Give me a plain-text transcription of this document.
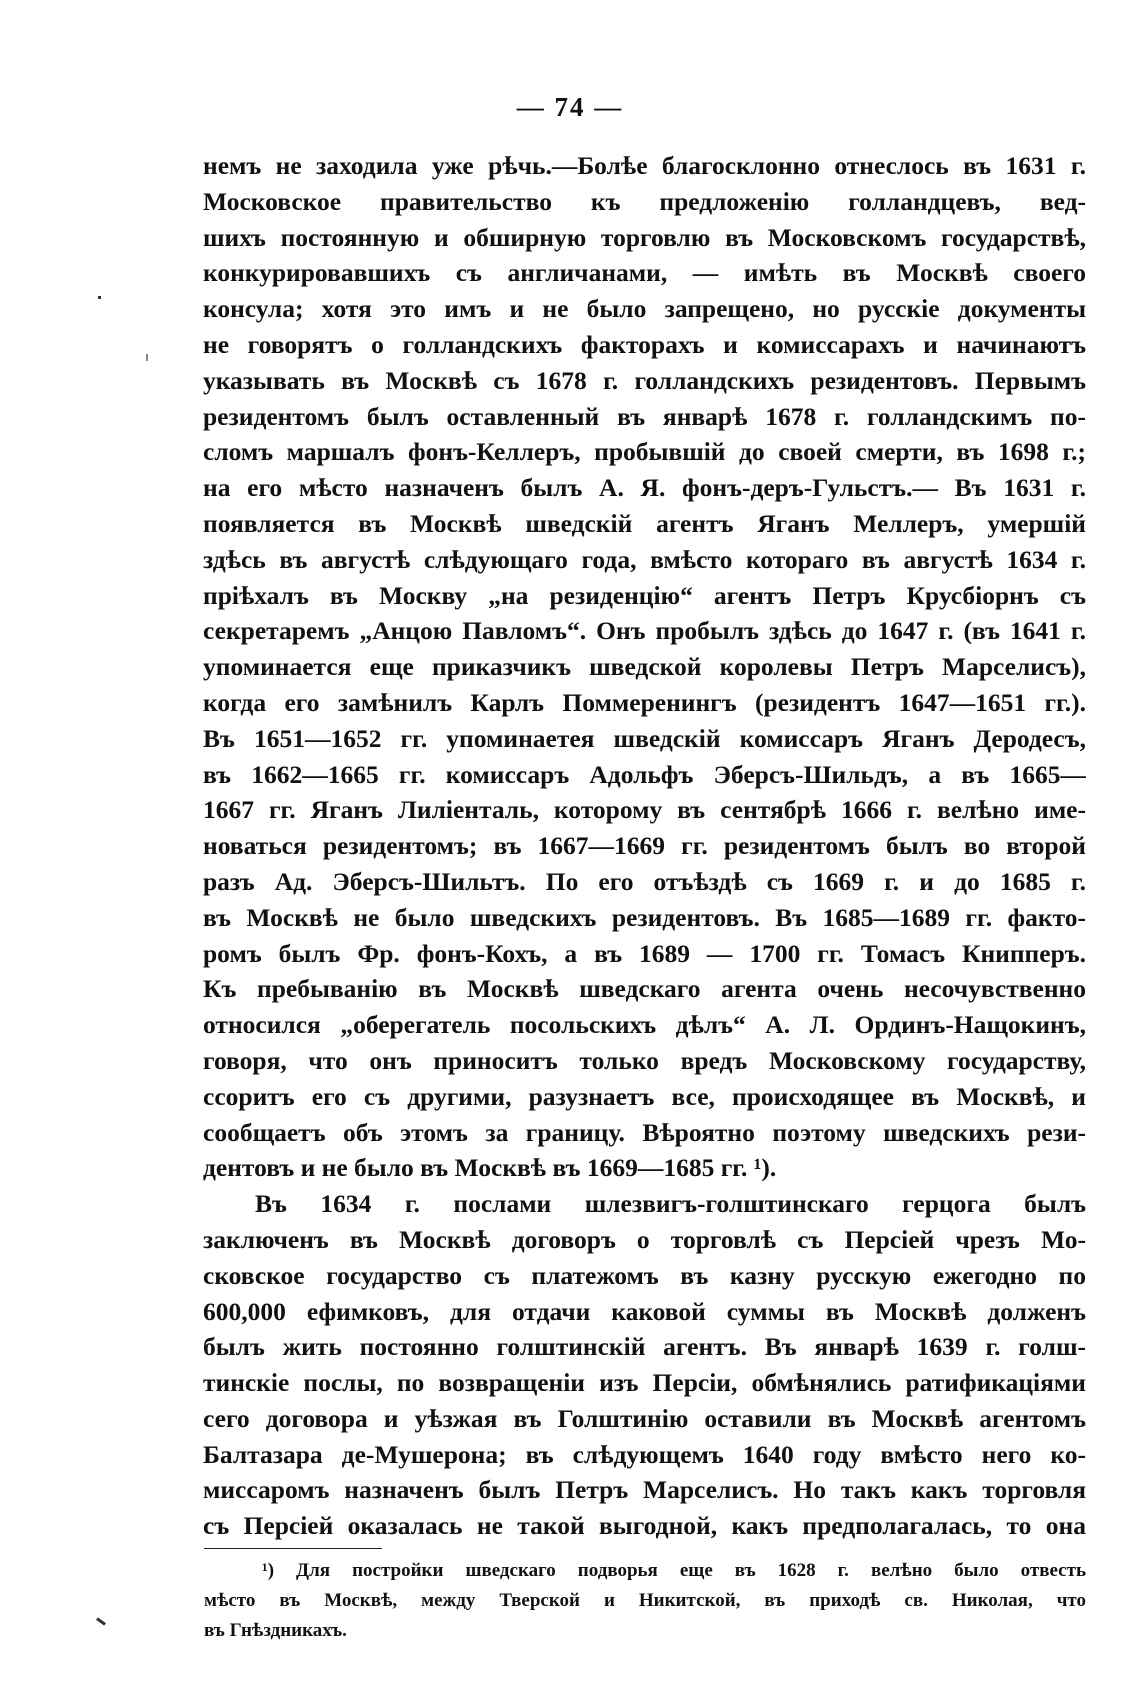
— 74 —
немъ не заходила уже рѣчь.—Болѣе благосклонно отнеслось въ 1631 г.
Московское правительство къ предложенію голландцевъ, вед-
шихъ постоянную и обширную торговлю въ Московскомъ государствѣ,
конкурировавшихъ съ англичанами, — имѣть въ Москвѣ своего
консула; хотя это имъ и не было запрещено, но русскіе документы
не говорятъ о голландскихъ факторахъ и комиссарахъ и начинаютъ
указывать въ Москвѣ съ 1678 г. голландскихъ резидентовъ. Первымъ
резидентомъ былъ оставленный въ январѣ 1678 г. голландскимъ по-
сломъ маршалъ фонъ-Келлеръ, пробывшій до своей смерти, въ 1698 г.;
на его мѣсто назначенъ былъ А. Я. фонъ-деръ-Гульстъ.— Въ 1631 г.
появляется въ Москвѣ шведскій агентъ Яганъ Меллеръ, умершій
здѣсь въ августѣ слѣдующаго года, вмѣсто котораго въ августѣ 1634 г.
пріѣхалъ въ Москву „на резиденцію“ агентъ Петръ Крусбіорнъ съ
секретаремъ „Анцою Павломъ“. Онъ пробылъ здѣсь до 1647 г. (въ 1641 г.
упоминается еще приказчикъ шведской королевы Петръ Марселисъ),
когда его замѣнилъ Карлъ Поммеренингъ (резидентъ 1647—1651 гг.).
Въ 1651—1652 гг. упоминаетея шведскій комиссаръ Яганъ Деродесъ,
въ 1662—1665 гг. комиссаръ Адольфъ Эберсъ-Шильдъ, а въ 1665—
1667 гг. Яганъ Лиліенталь, которому въ сентябрѣ 1666 г. велѣно име-
новаться резидентомъ; въ 1667—1669 гг. резидентомъ былъ во второй
разъ Ад. Эберсъ-Шильтъ. По его отъѣздѣ съ 1669 г. и до 1685 г.
въ Москвѣ не было шведскихъ резидентовъ. Въ 1685—1689 гг. факто-
ромъ былъ Фр. фонъ-Кохъ, а въ 1689 — 1700 гг. Томасъ Книпперъ.
Къ пребыванію въ Москвѣ шведскаго агента очень несочувственно
относился „оберегатель посольскихъ дѣлъ“ А. Л. Ординъ-Нащокинъ,
говоря, что онъ приноситъ только вредъ Московскому государству,
ссоритъ его съ другими, разузнаетъ все, происходящее въ Москвѣ, и
сообщаетъ объ этомъ за границу. Вѣроятно поэтому шведскихъ рези-
дентовъ и не было въ Москвѣ въ 1669—1685 гг. ¹).
Въ 1634 г. послами шлезвигъ-голштинскаго герцога былъ
заключенъ въ Москвѣ договоръ о торговлѣ съ Персіей чрезъ Мо-
сковское государство съ платежомъ въ казну русскую ежегодно по
600,000 ефимковъ, для отдачи каковой суммы въ Москвѣ долженъ
былъ жить постоянно голштинскій агентъ. Въ январѣ 1639 г. голш-
тинскіе послы, по возвращеніи изъ Персіи, обмѣнялись ратификаціями
сего договора и уѣзжая въ Голштинію оставили въ Москвѣ агентомъ
Балтазара де-Мушерона; въ слѣдующемъ 1640 году вмѣсто него ко-
миссаромъ назначенъ былъ Петръ Марселисъ. Но такъ какъ торговля
съ Персіей оказалась не такой выгодной, какъ предполагалась, то она
¹) Для постройки шведскаго подворья еще въ 1628 г. велѣно было отвесть
мѣсто въ Москвѣ, между Тверской и Никитской, въ приходѣ св. Николая, что
въ Гнѣздникахъ.
